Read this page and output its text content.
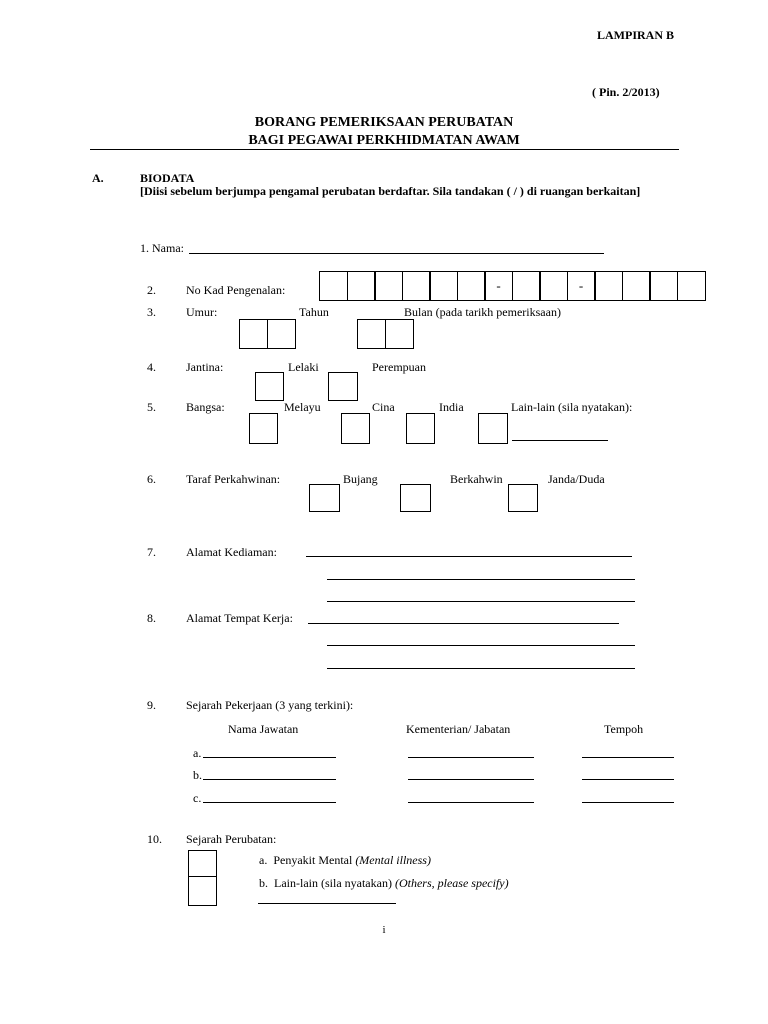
LAMPIRAN B
( Pin. 2/2013)
BORANG PEMERIKSAAN PERUBATAN
BAGI PEGAWAI PERKHIDMATAN AWAM
A.	BIODATA
[Diisi sebelum berjumpa pengamal perubatan berdaftar. Sila tandakan ( / ) di ruangan berkaitan]
1. Nama:
2.	No Kad Pengenalan:	-	-
3.	Umur:	Tahun	Bulan (pada tarikh pemeriksaan)
4.	Jantina:	Lelaki	Perempuan
5.	Bangsa:	Melayu	Cina	India	Lain-lain (sila nyatakan):
6.	Taraf Perkahwinan:	Bujang	Berkahwin	Janda/Duda
7.	Alamat Kediaman:
8.	Alamat Tempat Kerja:
9.	Sejarah Pekerjaan (3 yang terkini):
Nama Jawatan	Kementerian/ Jabatan	Tempoh
a.
b.
c.
10. Sejarah Perubatan:
a. Penyakit Mental (Mental illness)
b. Lain-lain (sila nyatakan) (Others, please specify)
i
